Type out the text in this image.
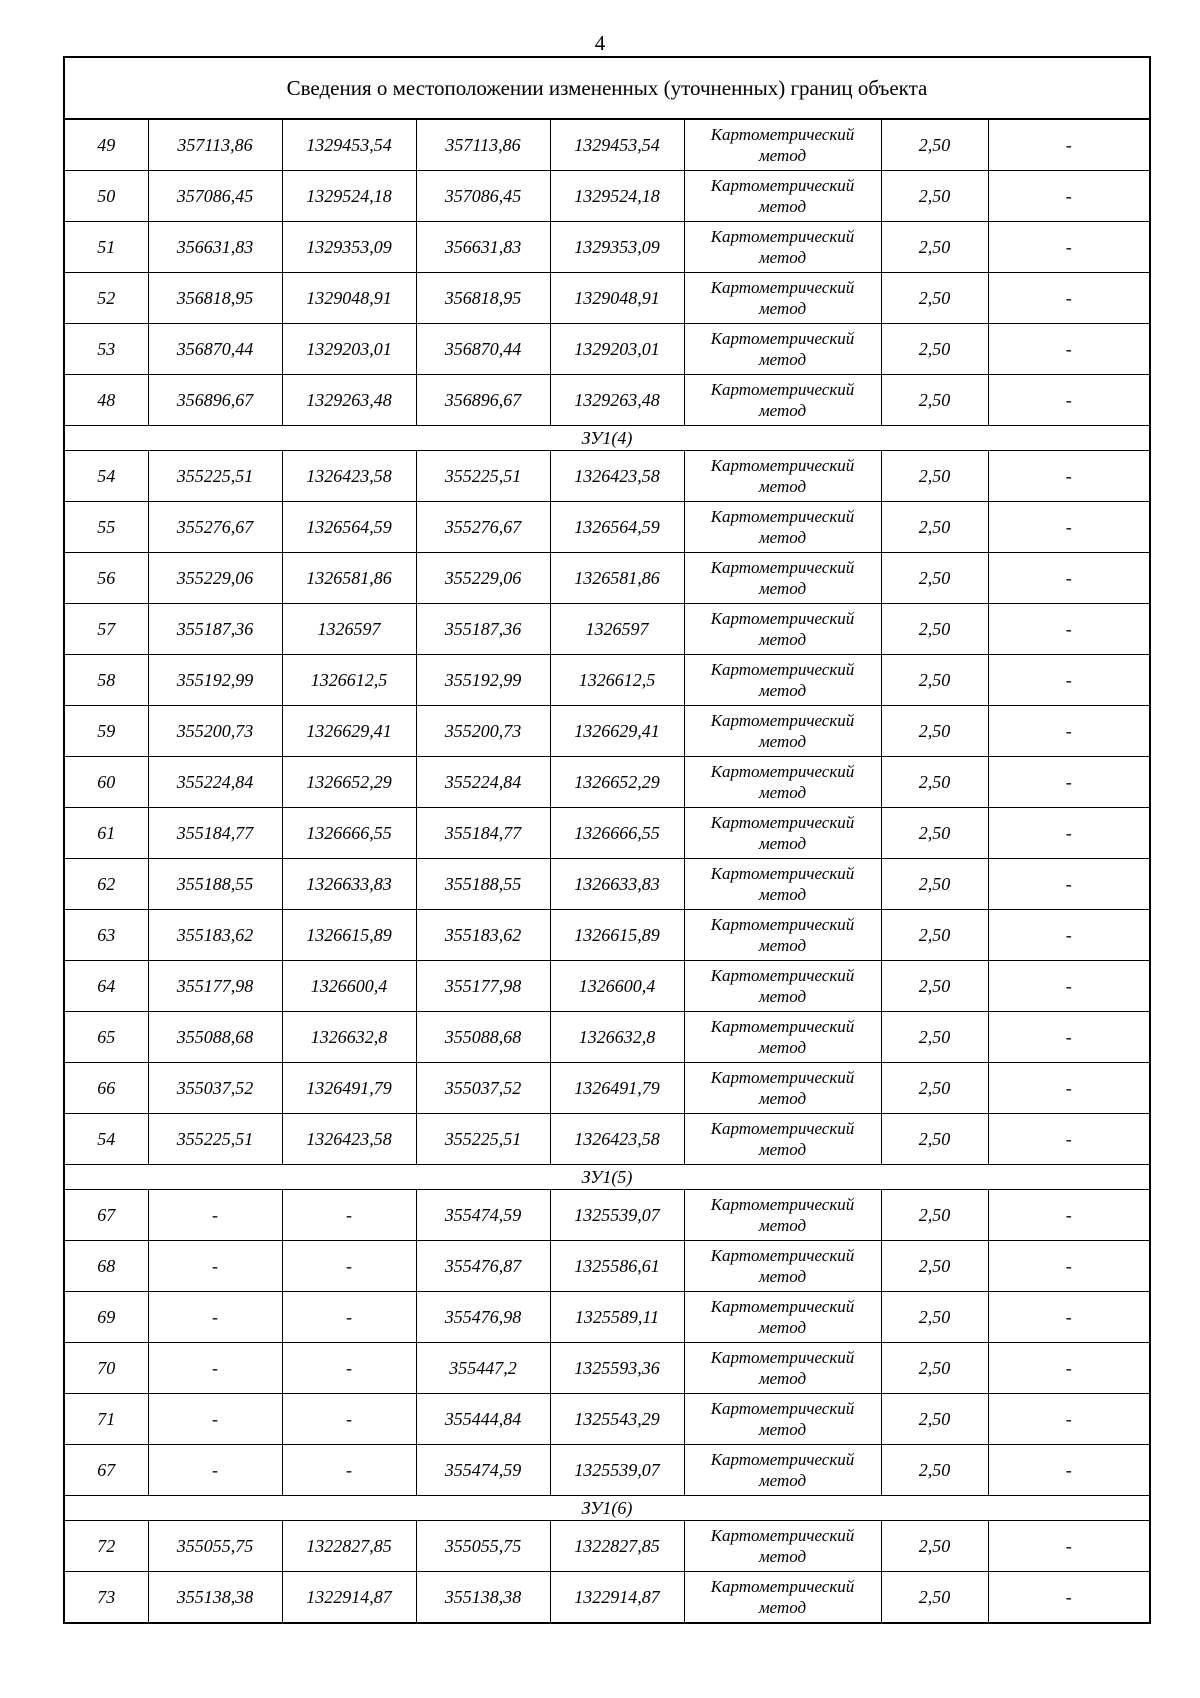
4
Сведения о местоположении измененных (уточненных) границ объекта							
49	357113,86	1329453,54	357113,86	1329453,54	Картометрический
метод	2,50	-
50	357086,45	1329524,18	357086,45	1329524,18	Картометрический
метод	2,50	-
51	356631,83	1329353,09	356631,83	1329353,09	Картометрический
метод	2,50	-
52	356818,95	1329048,91	356818,95	1329048,91	Картометрический
метод	2,50	-
53	356870,44	1329203,01	356870,44	1329203,01	Картометрический
метод	2,50	-
48	356896,67	1329263,48	356896,67	1329263,48	Картометрический
метод	2,50	-
ЗУ1(4)							
54	355225,51	1326423,58	355225,51	1326423,58	Картометрический
метод	2,50	-
55	355276,67	1326564,59	355276,67	1326564,59	Картометрический
метод	2,50	-
56	355229,06	1326581,86	355229,06	1326581,86	Картометрический
метод	2,50	-
57	355187,36	1326597	355187,36	1326597	Картометрический
метод	2,50	-
58	355192,99	1326612,5	355192,99	1326612,5	Картометрический
метод	2,50	-
59	355200,73	1326629,41	355200,73	1326629,41	Картометрический
метод	2,50	-
60	355224,84	1326652,29	355224,84	1326652,29	Картометрический
метод	2,50	-
61	355184,77	1326666,55	355184,77	1326666,55	Картометрический
метод	2,50	-
62	355188,55	1326633,83	355188,55	1326633,83	Картометрический
метод	2,50	-
63	355183,62	1326615,89	355183,62	1326615,89	Картометрический
метод	2,50	-
64	355177,98	1326600,4	355177,98	1326600,4	Картометрический
метод	2,50	-
65	355088,68	1326632,8	355088,68	1326632,8	Картометрический
метод	2,50	-
66	355037,52	1326491,79	355037,52	1326491,79	Картометрический
метод	2,50	-
54	355225,51	1326423,58	355225,51	1326423,58	Картометрический
метод	2,50	-
ЗУ1(5)							
67	-	-	355474,59	1325539,07	Картометрический
метод	2,50	-
68	-	-	355476,87	1325586,61	Картометрический
метод	2,50	-
69	-	-	355476,98	1325589,11	Картометрический
метод	2,50	-
70	-	-	355447,2	1325593,36	Картометрический
метод	2,50	-
71	-	-	355444,84	1325543,29	Картометрический
метод	2,50	-
67	-	-	355474,59	1325539,07	Картометрический
метод	2,50	-
ЗУ1(6)							
72	355055,75	1322827,85	355055,75	1322827,85	Картометрический
метод	2,50	-
73	355138,38	1322914,87	355138,38	1322914,87	Картометрический
метод	2,50	-
